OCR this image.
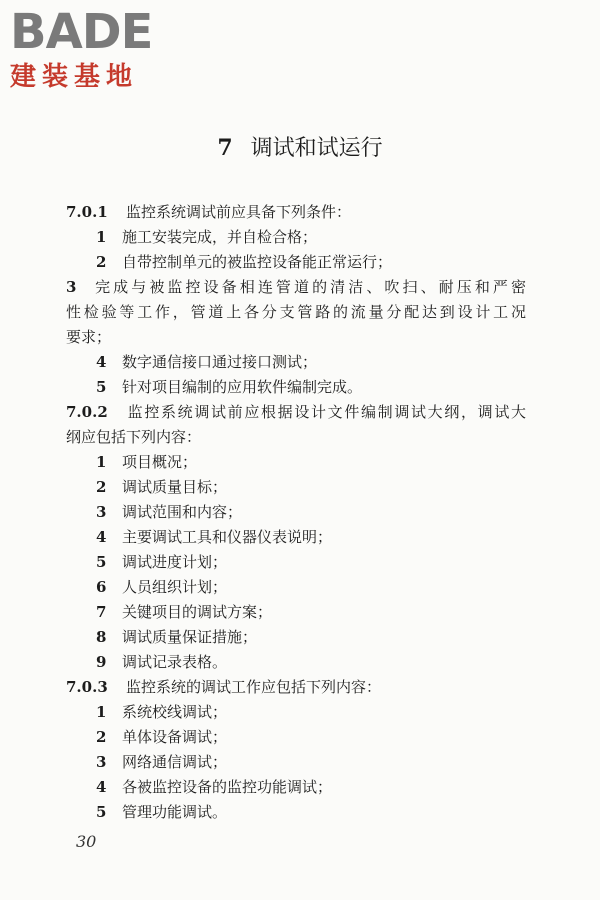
BADE
建装基地
7 调试和试运行
7.0.1 监控系统调试前应具备下列条件：
1 施工安装完成，并自检合格；
2 自带控制单元的被监控设备能正常运行；
3 完成与被监控设备相连管道的清洁、吹扫、耐压和严密
性检验等工作，管道上各分支管路的流量分配达到设计工况
要求；
4 数字通信接口通过接口测试；
5 针对项目编制的应用软件编制完成。
7.0.2 监控系统调试前应根据设计文件编制调试大纲，调试大
纲应包括下列内容：
1 项目概况；
2 调试质量目标；
3 调试范围和内容；
4 主要调试工具和仪器仪表说明；
5 调试进度计划；
6 人员组织计划；
7 关键项目的调试方案；
8 调试质量保证措施；
9 调试记录表格。
7.0.3 监控系统的调试工作应包括下列内容：
1 系统校线调试；
2 单体设备调试；
3 网络通信调试；
4 各被监控设备的监控功能调试；
5 管理功能调试。
30
